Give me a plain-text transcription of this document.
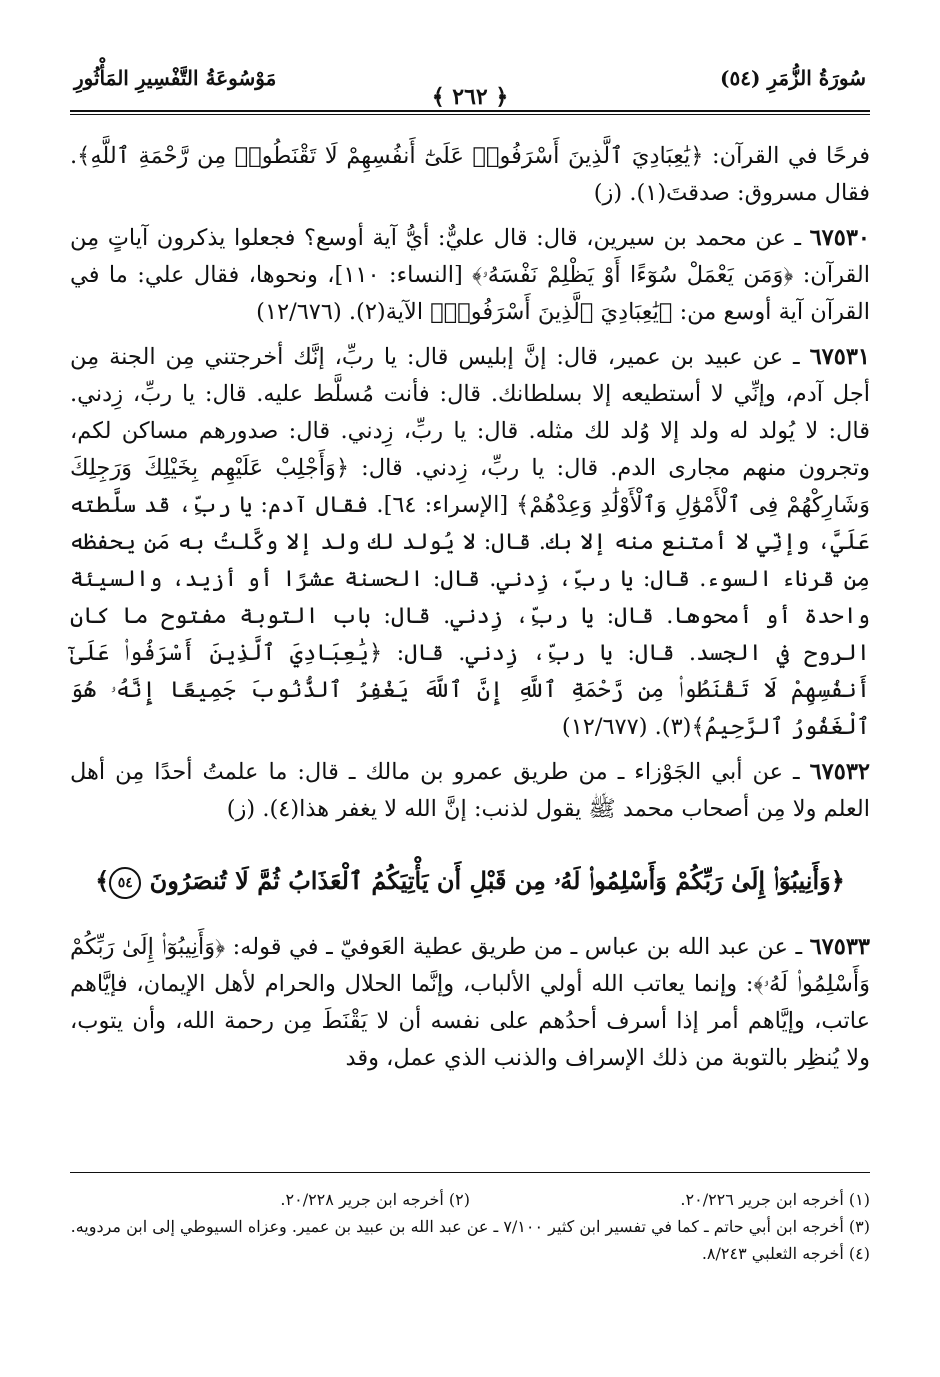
سُورَةُ الزُّمَرِ (٥٤)
﴿ ٢٦٢ ﴾
مَوْسُوعَةُ التَّفْسِيرِ المَأْثُورِ

فرحًا في القرآن: ﴿يَٰعِبَادِيَ ٱلَّذِينَ أَسْرَفُوا۟ عَلَىٰٓ أَنفُسِهِمْ لَا تَقْنَطُوا۟ مِن رَّحْمَةِ ٱللَّهِ﴾. فقال مسروق: صدقتَ(١). (ز)

٦٧٥٣٠ ـ عن محمد بن سيرين، قال: قال عليٌّ: أيُّ آية أوسع؟ فجعلوا يذكرون آياتٍ مِن القرآن: ﴿وَمَن يَعْمَلْ سُوٓءًا أَوْ يَظْلِمْ نَفْسَهُۥ﴾ [النساء: ١١٠]، ونحوها، فقال علي: ما في القرآن آية أوسع من: ﴿يَٰعِبَادِيَ ٱلَّذِينَ أَسْرَفُوا۟﴾ الآية(٢). (١٢/٦٧٦)

٦٧٥٣١ ـ عن عبيد بن عمير، قال: إنَّ إبليس قال: يا ربِّ، إنَّك أخرجتني مِن الجنة مِن أجل آدم، وإنِّي لا أستطيعه إلا بسلطانك. قال: فأنت مُسلَّط عليه. قال: يا ربِّ، زِدني. قال: لا يُولد له ولد إلا وُلد لك مثله. قال: يا ربِّ، زِدني. قال: صدورهم مساكن لكم، وتجرون منهم مجارى الدم. قال: يا ربِّ، زِدني. قال: ﴿وَأَجْلِبْ عَلَيْهِم بِخَيْلِكَ وَرَجِلِكَ وَشَارِكْهُمْ فِى ٱلْأَمْوَٰلِ وَٱلْأَوْلَٰدِ وَعِدْهُمْ﴾ [الإسراء: ٦٤]. فقال آدم: يا ربِّ، قد سلَّطته عَلَيَّ، وإنِّي لا أمتنع منه إلا بك. قال: لا يُولد لك ولد إلا وكَّلتُ به مَن يحفظه مِن قرناء السوء. قال: يا ربِّ، زِدني. قال: الحسنة عشرًا أو أزيد، والسيئة واحدة أو أمحوها. قال: يا ربِّ، زِدني. قال: باب التوبة مفتوح ما كان الروح في الجسد. قال: يا ربِّ، زِدني. قال: ﴿يَٰعِبَادِيَ ٱلَّذِينَ أَسْرَفُوا۟ عَلَىٰٓ أَنفُسِهِمْ لَا تَقْنَطُوا۟ مِن رَّحْمَةِ ٱللَّهِ إِنَّ ٱللَّهَ يَغْفِرُ ٱلذُّنُوبَ جَمِيعًا إِنَّهُۥ هُوَ ٱلْغَفُورُ ٱلرَّحِيمُ﴾(٣). (١٢/٦٧٧)

٦٧٥٣٢ ـ عن أبي الجَوْزاء ـ من طريق عمرو بن مالك ـ قال: ما علمتُ أحدًا مِن أهل العلم ولا مِن أصحاب محمد ﷺ يقول لذنب: إنَّ الله لا يغفر هذا(٤). (ز)

﴿وَأَنِيبُوٓا۟ إِلَىٰ رَبِّكُمْ وَأَسْلِمُوا۟ لَهُۥ مِن قَبْلِ أَن يَأْتِيَكُمُ ٱلْعَذَابُ ثُمَّ لَا تُنصَرُونَ ٥٤﴾

٦٧٥٣٣ ـ عن عبد الله بن عباس ـ من طريق عطية العَوفيّ ـ في قوله: ﴿وَأَنِيبُوٓا۟ إِلَىٰ رَبِّكُمْ وَأَسْلِمُوا۟ لَهُۥ﴾: وإنما يعاتب الله أولي الألباب، وإنَّما الحلال والحرام لأهل الإيمان، فإيَّاهم عاتب، وإيَّاهم أمر إذا أسرف أحدُهم على نفسه أن لا يَقْنَطَ مِن رحمة الله، وأن يتوب، ولا يُنظِر بالتوبة من ذلك الإسراف والذنب الذي عمل، وقد

(١) أخرجه ابن جرير ٢٠/٢٢٦.
(٢) أخرجه ابن جرير ٢٠/٢٢٨.
(٣) أخرجه ابن أبي حاتم ـ كما في تفسير ابن كثير ٧/١٠٠ ـ عن عبد الله بن عبيد بن عمير. وعزاه السيوطي إلى ابن مردويه.
(٤) أخرجه الثعلبي ٨/٢٤٣.
